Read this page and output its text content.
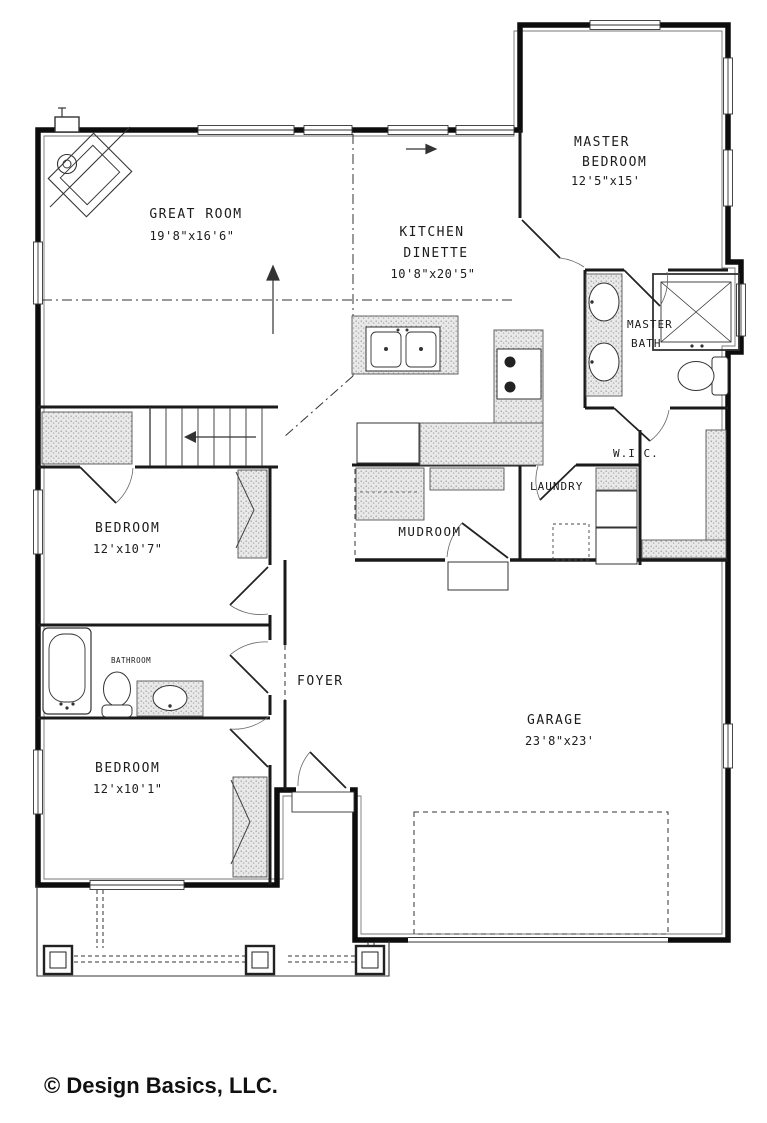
GREAT ROOM
19'8"x16'6"	KITCHEN
DINETTE
10'8"x20'5"
MASTER
BEDROOM
12'5"x15'
MASTER
BATH
W.I.C.
LAUNDRY
MUDROOM
BEDROOM
12'x10'7"
BATHROOM
FOYER
BEDROOM
12'x10'1"
GARAGE
23'8"x23'
© Design Basics, LLC.
